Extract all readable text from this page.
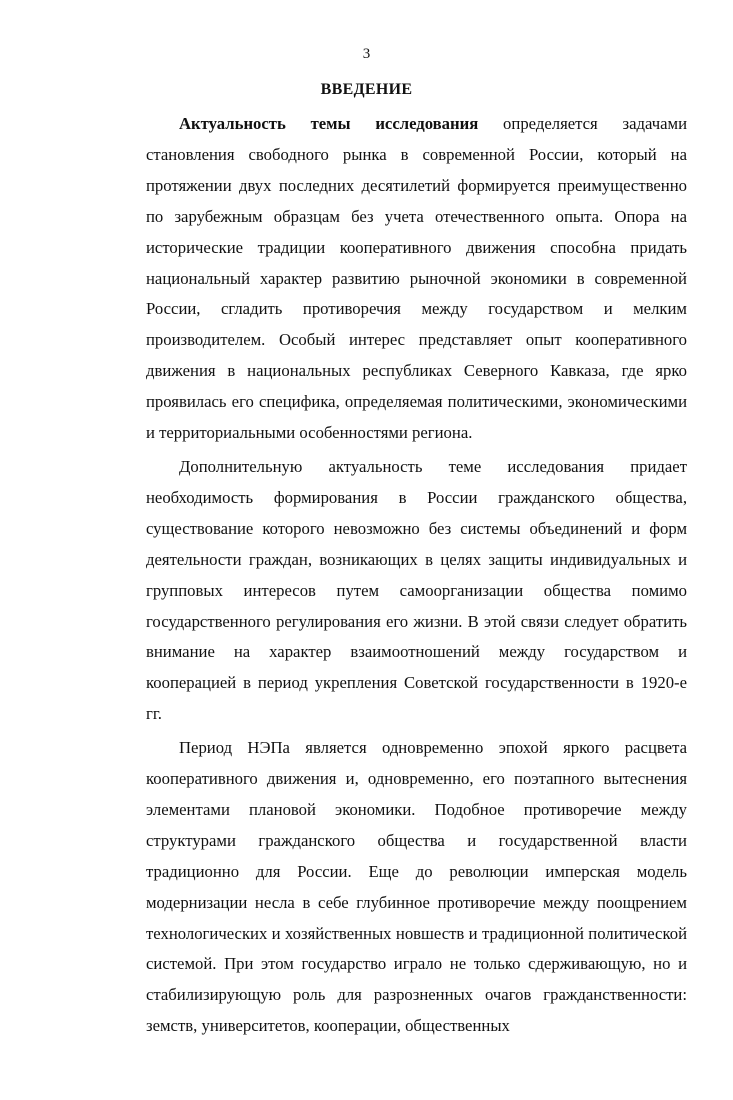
3
ВВЕДЕНИЕ

Актуальность темы исследования определяется задачами становления свободного рынка в современной России, который на протяжении двух последних десятилетий формируется преимущественно по зарубежным образцам без учета отечественного опыта. Опора на исторические традиции кооперативного движения способна придать национальный характер развитию рыночной экономики в современной России, сгладить противоречия между государством и мелким производителем. Особый интерес представляет опыт кооперативного движения в национальных республиках Северного Кавказа, где ярко проявилась его специфика, определяемая политическими, экономическими и территориальными особенностями региона.

Дополнительную актуальность теме исследования придает необходимость формирования в России гражданского общества, существование которого невозможно без системы объединений и форм деятельности граждан, возникающих в целях защиты индивидуальных и групповых интересов путем самоорганизации общества помимо государственного регулирования его жизни. В этой связи следует обратить внимание на характер взаимоотношений между государством и кооперацией в период укрепления Советской государственности в 1920-е гг.

Период НЭПа является одновременно эпохой яркого расцвета кооперативного движения и, одновременно, его поэтапного вытеснения элементами плановой экономики. Подобное противоречие между структурами гражданского общества и государственной власти традиционно для России. Еще до революции имперская модель модернизации несла в себе глубинное противоречие между поощрением технологических и хозяйственных новшеств и традиционной политической системой. При этом государство играло не только сдерживающую, но и стабилизирующую роль для разрозненных очагов гражданственности: земств, университетов, кооперации, общественных
